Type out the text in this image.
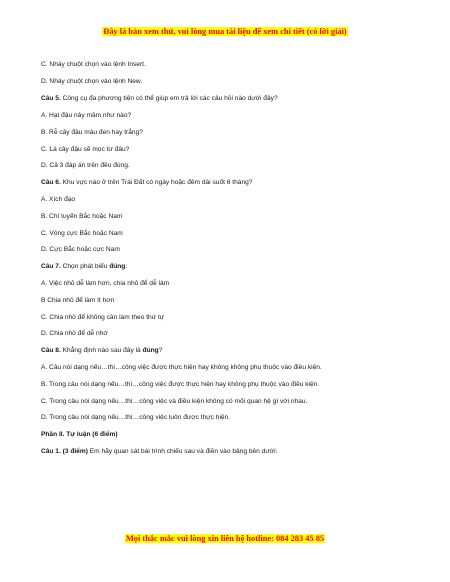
Đây là bản xem thử, vui lòng mua tài liệu để xem chi tiết (có lời giải)
C. Nháy chuột chọn vào lệnh Insert.
D. Nháy chuột chọn vào lệnh New.
Câu 5. Công cụ đa phương tiện có thể giúp em trả lời các câu hỏi nào dưới đây?
A. Hạt đậu nảy mầm như nào?
B. Rễ cây đậu màu đen hay trắng?
C. Lá cây đậu sẽ mọc từ đâu?
D. Cả 3 đáp án trên đều đúng.
Câu 6. Khu vực nào ở trên Trái Đất có ngày hoặc đêm dài suốt 6 tháng?
A. Xích đạo
B. Chí tuyến Bắc hoặc Nam
C. Vòng cực Bắc hoặc Nam
D. Cực Bắc hoặc cực Nam
Câu 7. Chọn phát biểu đúng:
A. Việc nhỏ dễ làm hơn, chia nhỏ để dễ làm
B Chia nhỏ để làm ít hơn
C. Chia nhỏ để không cần làm theo thứ tự
D. Chia nhỏ để dễ nhớ
Câu 8. Khẳng định nào sau đây là đúng?
A. Câu nói dạng nếu…thì…công việc được thực hiện hay không không phụ thuộc vào điều kiện.
B. Trong câu nói dạng nếu…thì…công việc được thực hiện hay không phụ thuộc vào điều kiện.
C. Trong câu nói dạng nếu…thì…công việc và điều kiện không có mối quan hệ gì với nhau.
D. Trong câu nói dạng nếu…thì…công việc luôn được thực hiện.
Phần II. Tự luận (6 điểm)
Câu 1. (3 điểm) Em hãy quan sát bài trình chiếu sau và điền vào bảng bên dưới:
Mọi thắc mắc vui lòng xin liên hệ hotline: 084 283 45 85
